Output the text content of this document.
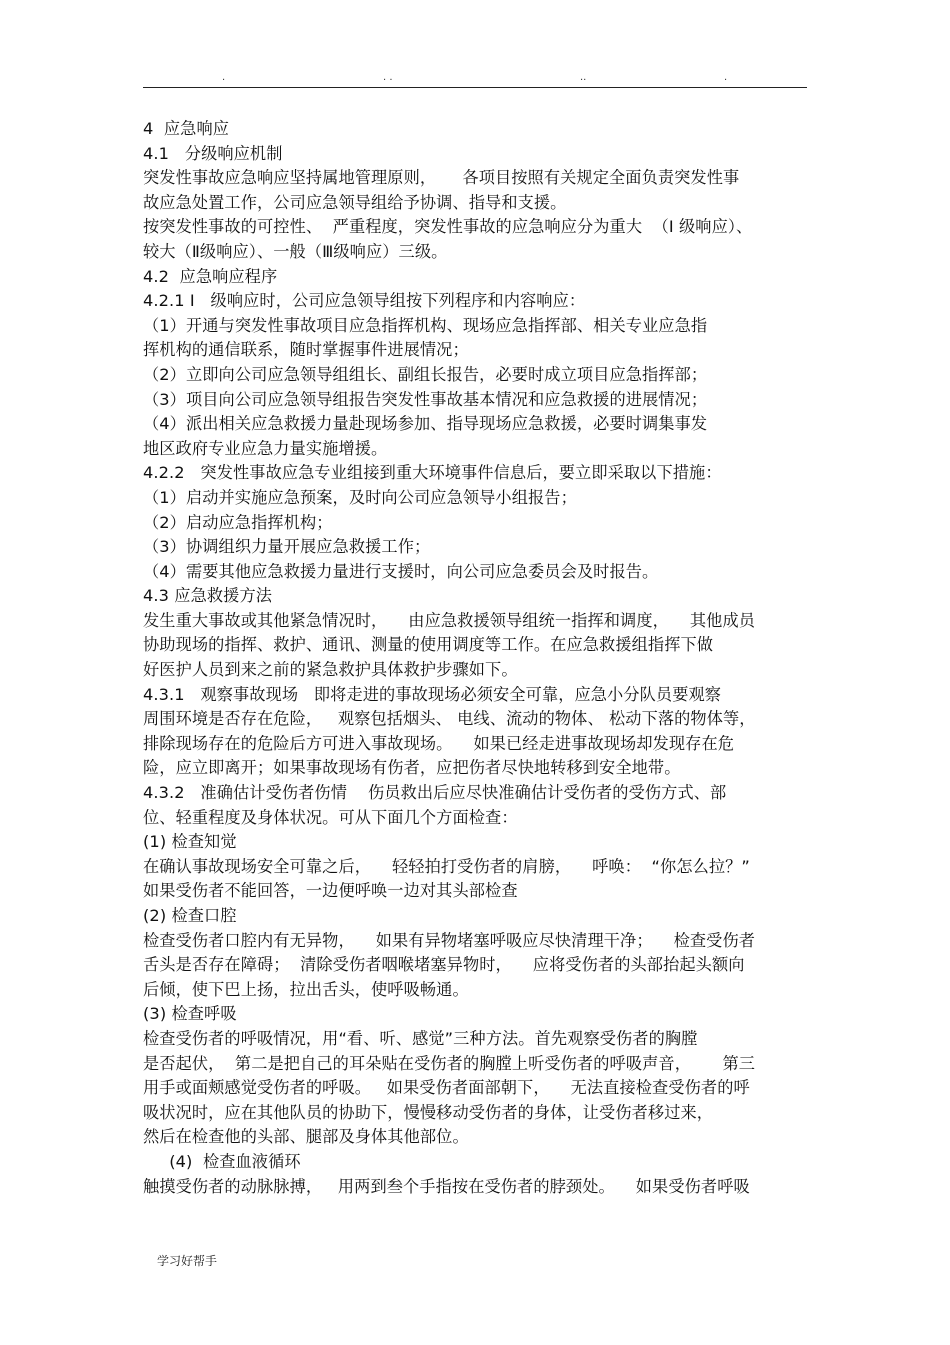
.	. .	..	.
4  应急响应
4.1   分级响应机制
突发性事故应急响应坚持属地管理原则，     各项目按照有关规定全面负责突发性事
故应急处置工作，公司应急领导组给予协调、指导和支援。
按突发性事故的可控性、  严重程度，突发性事故的应急响应分为重大  （Ⅰ 级响应）、
较大（Ⅱ级响应）、一般（Ⅲ级响应）三级。
4.2  应急响应程序
4.2.1 Ⅰ   级响应时，公司应急领导组按下列程序和内容响应：
（1）开通与突发性事故项目应急指挥机构、现场应急指挥部、相关专业应急指
挥机构的通信联系，随时掌握事件进展情况；
（2）立即向公司应急领导组组长、副组长报告，必要时成立项目应急指挥部；
（3）项目向公司应急领导组报告突发性事故基本情况和应急救援的进展情况；
（4）派出相关应急救援力量赴现场参加、指导现场应急救援，必要时调集事发
地区政府专业应急力量实施增援。
4.2.2   突发性事故应急专业组接到重大环境事件信息后，要立即采取以下措施：
（1）启动并实施应急预案，及时向公司应急领导小组报告；
（2）启动应急指挥机构；
（3）协调组织力量开展应急救援工作；
（4）需要其他应急救援力量进行支援时，向公司应急委员会及时报告。
4.3 应急救援方法
发生重大事故或其他紧急情况时，    由应急救援领导组统一指挥和调度，    其他成员
协助现场的指挥、救护、通讯、测量的使用调度等工作。在应急救援组指挥下做
好医护人员到来之前的紧急救护具体救护步骤如下。
4.3.1   观察事故现场   即将走进的事故现场必须安全可靠，应急小分队员要观察
周围环境是否存在危险，   观察包括烟头、 电线、流动的物体、 松动下落的物体等，
排除现场存在的危险后方可进入事故现场。    如果已经走进事故现场却发现存在危
险，应立即离开；如果事故现场有伤者，应把伤者尽快地转移到安全地带。
4.3.2   准确估计受伤者伤情    伤员救出后应尽快准确估计受伤者的受伤方式、部
位、轻重程度及身体状况。可从下面几个方面检查：
(1) 检查知觉
在确认事故现场安全可靠之后，    轻轻拍打受伤者的肩膀，    呼唤：  “你怎么拉？”
如果受伤者不能回答，一边便呼唤一边对其头部检查
(2) 检查口腔
检查受伤者口腔内有无异物，    如果有异物堵塞呼吸应尽快清理干净；    检查受伤者
舌头是否存在障碍；  清除受伤者咽喉堵塞异物时，    应将受伤者的头部抬起头额向
后倾，使下巴上扬，拉出舌头，使呼吸畅通。
(3) 检查呼吸
检查受伤者的呼吸情况，用“看、听、感觉”三种方法。首先观察受伤者的胸膛
是否起伏，  第二是把自己的耳朵贴在受伤者的胸膛上听受伤者的呼吸声音，      第三
用手或面颊感觉受伤者的呼吸。   如果受伤者面部朝下，    无法直接检查受伤者的呼
吸状况时，应在其他队员的协助下，慢慢移动受伤者的身体，让受伤者移过来，
然后在检查他的头部、腿部及身体其他部位。
(4)  检查血液循环
触摸受伤者的动脉脉搏，   用两到叁个手指按在受伤者的脖颈处。    如果受伤者呼吸
学习好帮手
